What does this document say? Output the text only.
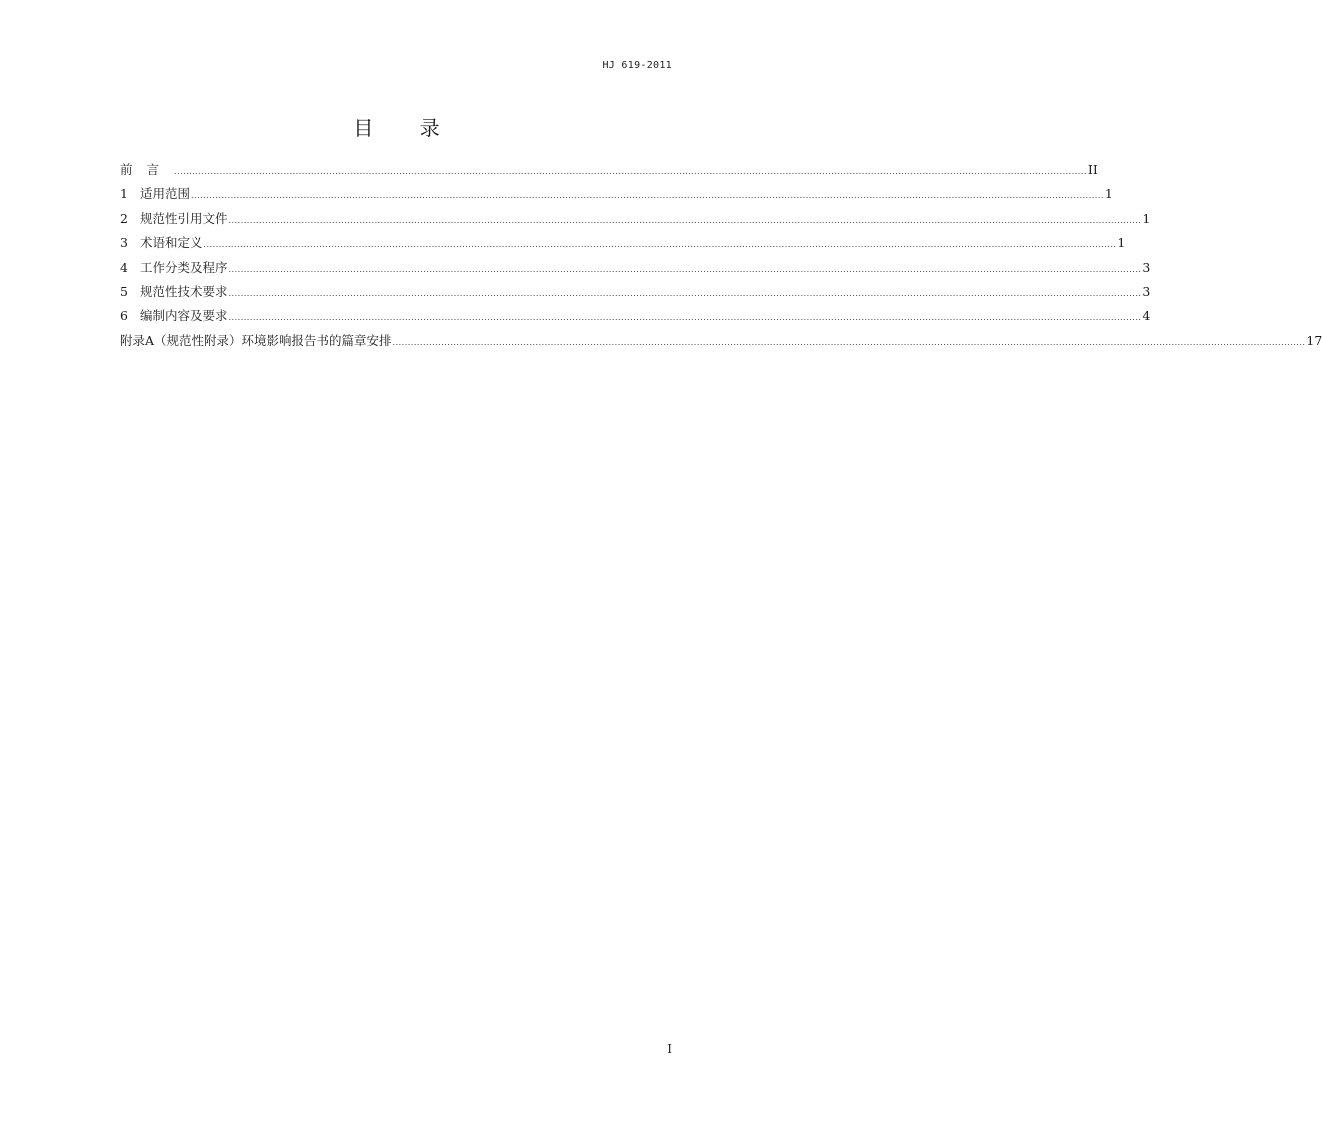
HJ 619-2011
目 录
前言 ............................................................................................................................................................................................................................................................................................................ II
1 适用范围 ............................................................................................................................................................................................................................................................................................................ 1
2 规范性引用文件 ............................................................................................................................................................................................................................................................................................................ 1
3 术语和定义 ............................................................................................................................................................................................................................................................................................................ 1
4 工作分类及程序 ............................................................................................................................................................................................................................................................................................................ 3
5 规范性技术要求 ............................................................................................................................................................................................................................................................................................................ 3
6 编制内容及要求 ............................................................................................................................................................................................................................................................................................................ 4
附录A（规范性附录）环境影响报告书的篇章安排 ............................................................................................................................................................................................................................................................................................................ 17
I
